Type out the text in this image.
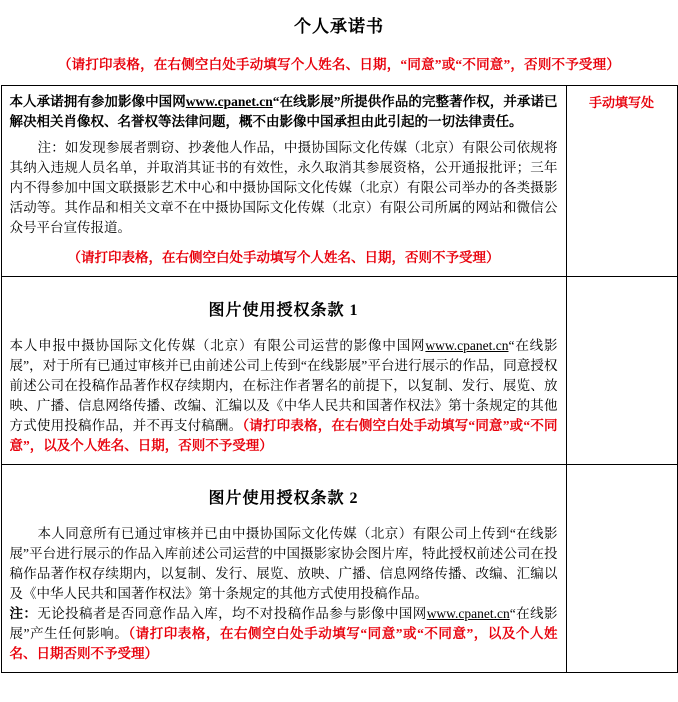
个人承诺书
（请打印表格，在右侧空白处手动填写个人姓名、日期，“同意”或“不同意”，否则不予受理）

本人承诺拥有参加影像中国网www.cpanet.cn“在线影展”所提供作品的完整著作权，并承诺已解决相关肖像权、名誉权等法律问题，概不由影像中国承担由此引起的一切法律责任。

注：如发现参展者剽窃、抄袭他人作品，中摄协国际文化传媒（北京）有限公司依规将其纳入违规人员名单，并取消其证书的有效性，永久取消其参展资格，公开通报批评；三年内不得参加中国文联摄影艺术中心和中摄协国际文化传媒（北京）有限公司举办的各类摄影活动等。其作品和相关文章不在中摄协国际文化传媒（北京）有限公司所属的网站和微信公众号平台宣传报道。

（请打印表格，在右侧空白处手动填写个人姓名、日期，否则不予受理）	手动填写处

图片使用授权条款 1

本人申报中摄协国际文化传媒（北京）有限公司运营的影像中国网www.cpanet.cn“在线影展”，对于所有已通过审核并已由前述公司上传到“在线影展”平台进行展示的作品，同意授权前述公司在投稿作品著作权存续期内，在标注作者署名的前提下，以复制、发行、展览、放映、广播、信息网络传播、改编、汇编以及《中华人民共和国著作权法》第十条规定的其他方式使用投稿作品，并不再支付稿酬。（请打印表格，在右侧空白处手动填写“同意”或“不同意”，以及个人姓名、日期，否则不予受理）	

图片使用授权条款 2

本人同意所有已通过审核并已由中摄协国际文化传媒（北京）有限公司上传到“在线影展”平台进行展示的作品入库前述公司运营的中国摄影家协会图片库，特此授权前述公司在投稿作品著作权存续期内，以复制、发行、展览、放映、广播、信息网络传播、改编、汇编以及《中华人民共和国著作权法》第十条规定的其他方式使用投稿作品。

注：无论投稿者是否同意作品入库，均不对投稿作品参与影像中国网www.cpanet.cn“在线影展”产生任何影响。（请打印表格，在右侧空白处手动填写“同意”或“不同意”，以及个人姓名、日期否则不予受理）	
